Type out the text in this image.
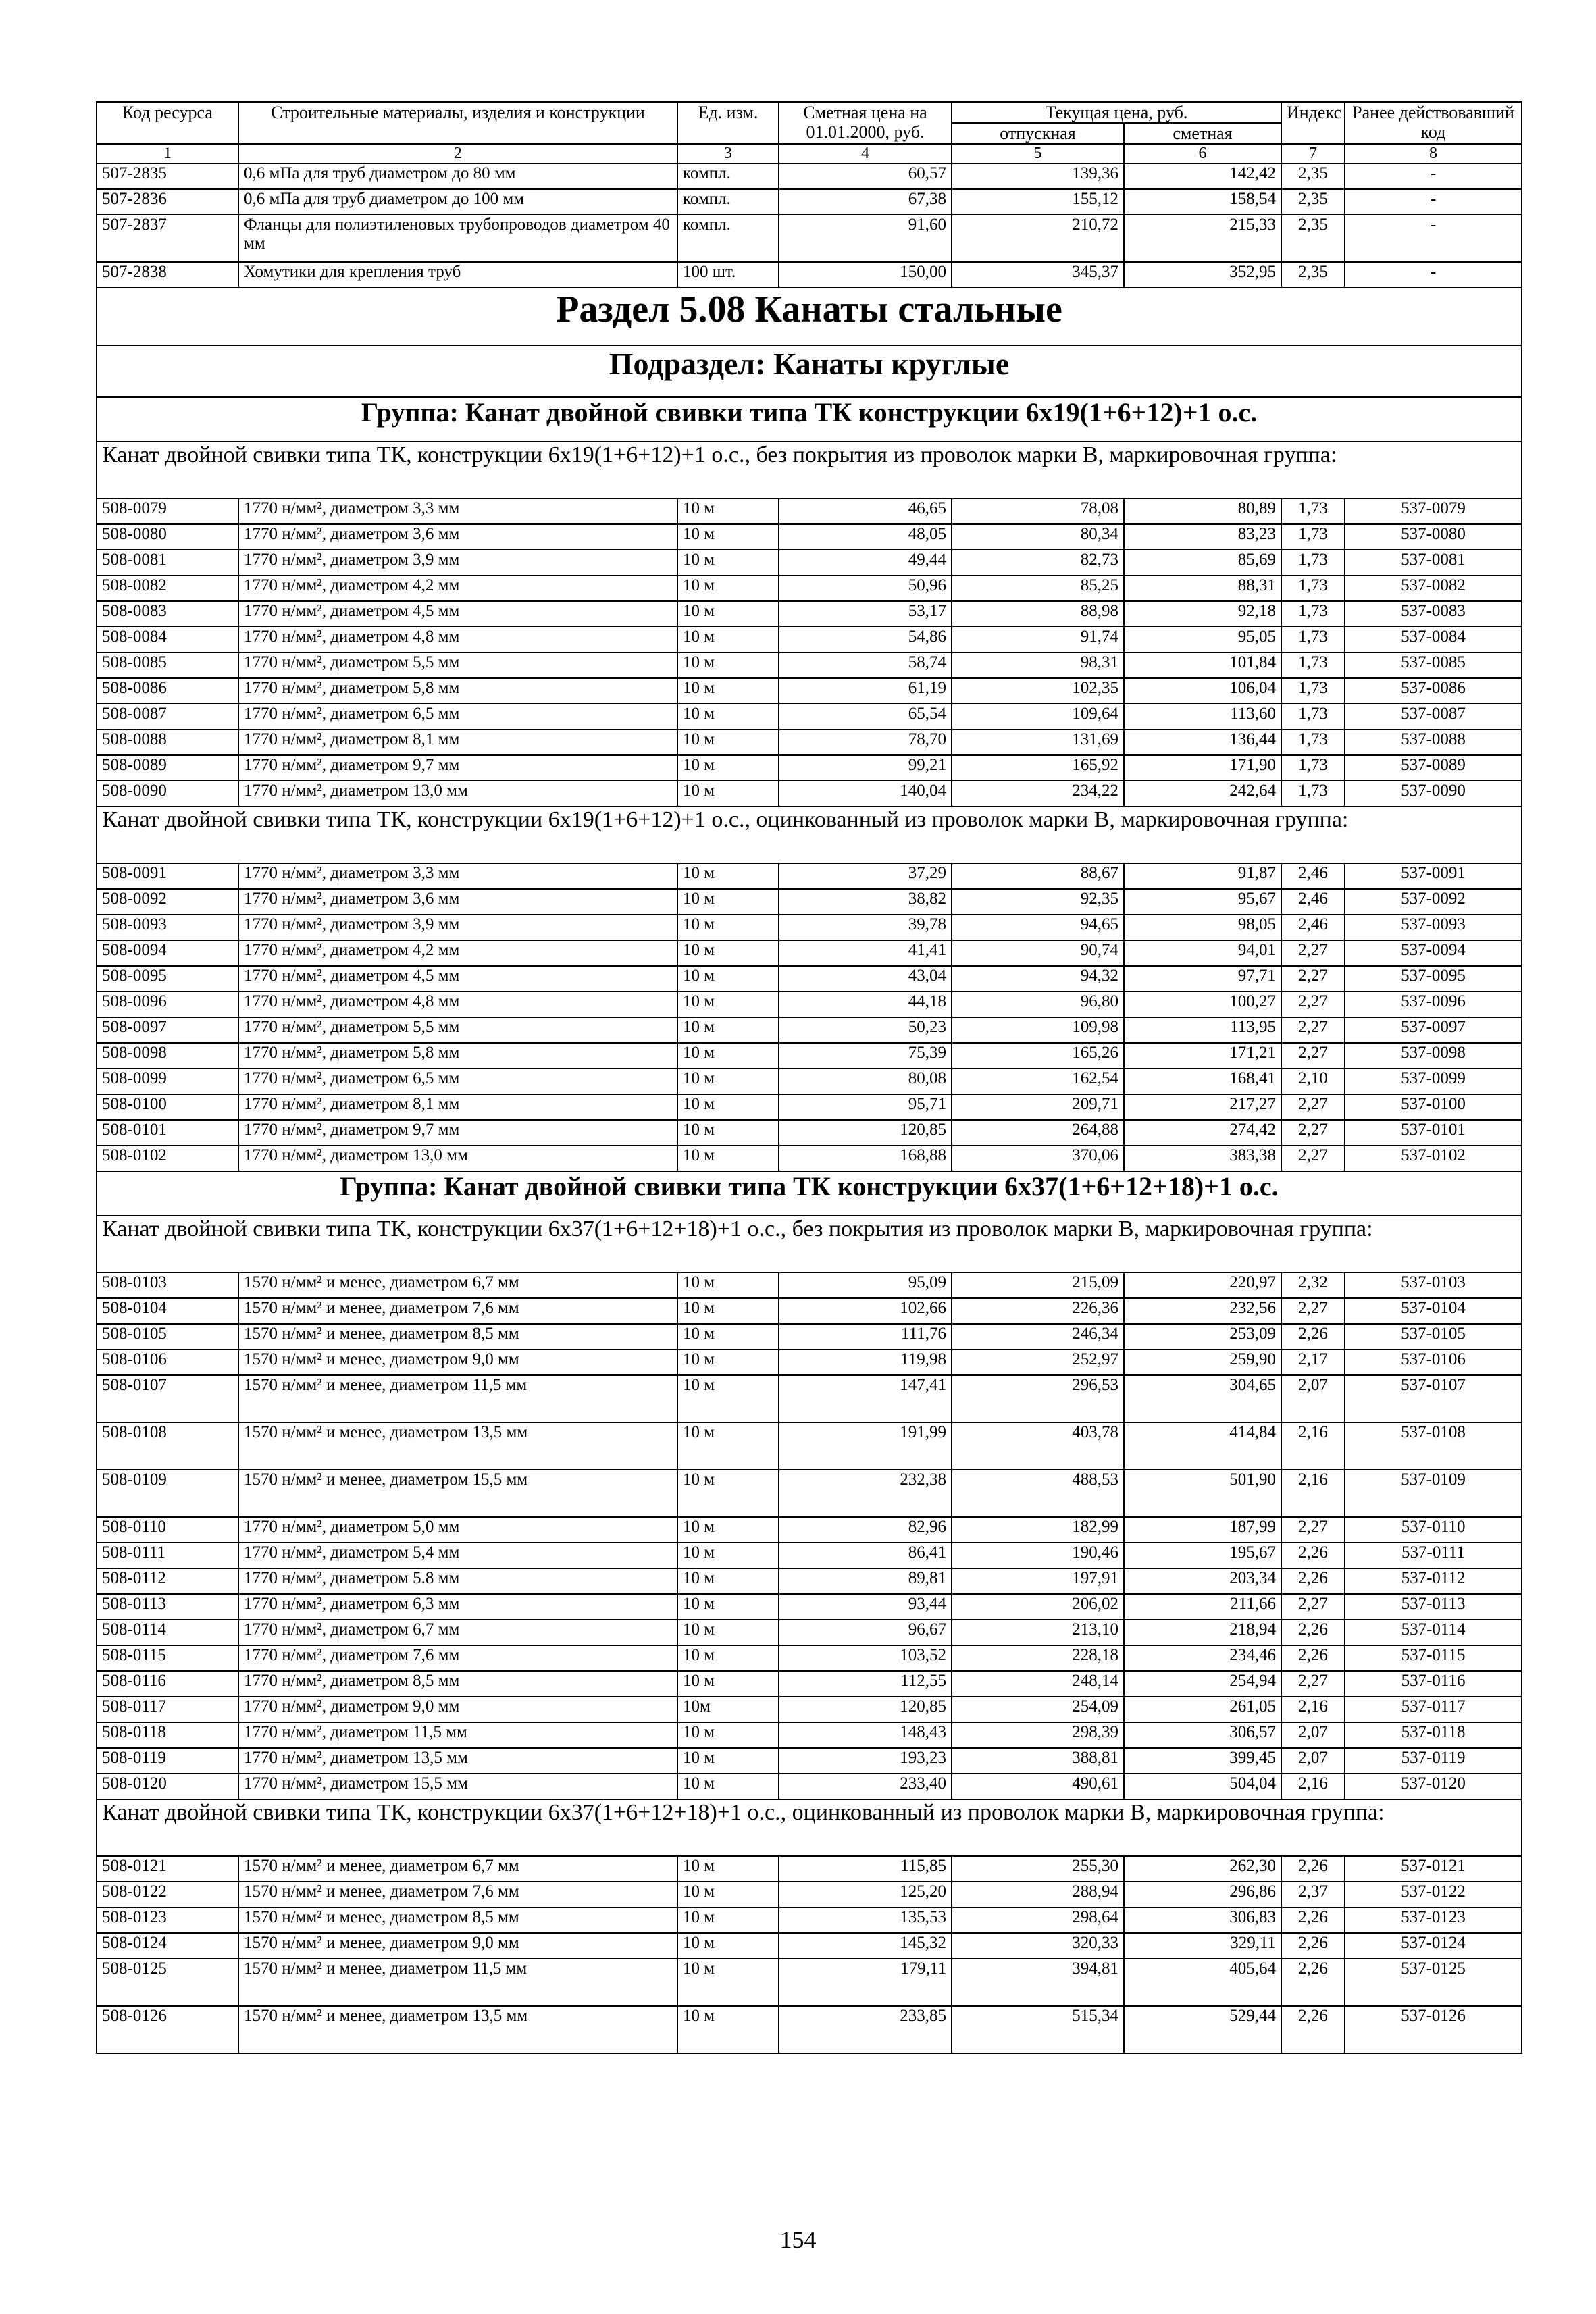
Код ресурса	Строительные материалы, изделия и конструкции	Ед. изм.	Сметная цена на 01.01.2000, руб.	Текущая цена, руб.		Индекс	Ранее действовавший код
				отпускная	сметная		
1	2	3	4	5	6	7	8
507-2835	0,6 мПа для труб диаметром до 80 мм	компл.	60,57	139,36	142,42	2,35	-
507-2836	0,6 мПа для труб диаметром до 100 мм	компл.	67,38	155,12	158,54	2,35	-
507-2837	Фланцы для полиэтиленовых трубопроводов диаметром 40 мм	компл.	91,60	210,72	215,33	2,35	-
507-2838	Хомутики для крепления труб	100 шт.	150,00	345,37	352,95	2,35	-
Раздел 5.08 Канаты стальные							
Подраздел: Канаты круглые							
Группа: Канат двойной свивки типа ТК конструкции 6х19(1+6+12)+1 о.с.							
Канат двойной свивки типа ТК, конструкции 6х19(1+6+12)+1 о.с., без покрытия из проволок марки В, маркировочная группа:							
508-0079	1770 н/мм², диаметром 3,3 мм	10 м	46,65	78,08	80,89	1,73	537-0079
508-0080	1770 н/мм², диаметром 3,6 мм	10 м	48,05	80,34	83,23	1,73	537-0080
508-0081	1770 н/мм², диаметром 3,9 мм	10 м	49,44	82,73	85,69	1,73	537-0081
508-0082	1770 н/мм², диаметром 4,2 мм	10 м	50,96	85,25	88,31	1,73	537-0082
508-0083	1770 н/мм², диаметром 4,5 мм	10 м	53,17	88,98	92,18	1,73	537-0083
508-0084	1770 н/мм², диаметром 4,8 мм	10 м	54,86	91,74	95,05	1,73	537-0084
508-0085	1770 н/мм², диаметром 5,5 мм	10 м	58,74	98,31	101,84	1,73	537-0085
508-0086	1770 н/мм², диаметром 5,8 мм	10 м	61,19	102,35	106,04	1,73	537-0086
508-0087	1770 н/мм², диаметром 6,5 мм	10 м	65,54	109,64	113,60	1,73	537-0087
508-0088	1770 н/мм², диаметром 8,1 мм	10 м	78,70	131,69	136,44	1,73	537-0088
508-0089	1770 н/мм², диаметром 9,7 мм	10 м	99,21	165,92	171,90	1,73	537-0089
508-0090	1770 н/мм², диаметром 13,0 мм	10 м	140,04	234,22	242,64	1,73	537-0090
Канат двойной свивки типа ТК, конструкции 6х19(1+6+12)+1 о.с., оцинкованный из проволок марки В, маркировочная группа:							
508-0091	1770 н/мм², диаметром 3,3 мм	10 м	37,29	88,67	91,87	2,46	537-0091
508-0092	1770 н/мм², диаметром 3,6 мм	10 м	38,82	92,35	95,67	2,46	537-0092
508-0093	1770 н/мм², диаметром 3,9 мм	10 м	39,78	94,65	98,05	2,46	537-0093
508-0094	1770 н/мм², диаметром 4,2 мм	10 м	41,41	90,74	94,01	2,27	537-0094
508-0095	1770 н/мм², диаметром 4,5 мм	10 м	43,04	94,32	97,71	2,27	537-0095
508-0096	1770 н/мм², диаметром 4,8 мм	10 м	44,18	96,80	100,27	2,27	537-0096
508-0097	1770 н/мм², диаметром 5,5 мм	10 м	50,23	109,98	113,95	2,27	537-0097
508-0098	1770 н/мм², диаметром 5,8 мм	10 м	75,39	165,26	171,21	2,27	537-0098
508-0099	1770 н/мм², диаметром 6,5 мм	10 м	80,08	162,54	168,41	2,10	537-0099
508-0100	1770 н/мм², диаметром 8,1 мм	10 м	95,71	209,71	217,27	2,27	537-0100
508-0101	1770 н/мм², диаметром 9,7 мм	10 м	120,85	264,88	274,42	2,27	537-0101
508-0102	1770 н/мм², диаметром 13,0 мм	10 м	168,88	370,06	383,38	2,27	537-0102
Группа: Канат двойной свивки типа ТК конструкции 6х37(1+6+12+18)+1 о.с.							
Канат двойной свивки типа ТК, конструкции 6х37(1+6+12+18)+1 о.с., без покрытия из проволок марки В, маркировочная группа:							
508-0103	1570 н/мм² и менее, диаметром 6,7 мм	10 м	95,09	215,09	220,97	2,32	537-0103
508-0104	1570 н/мм² и менее, диаметром 7,6 мм	10 м	102,66	226,36	232,56	2,27	537-0104
508-0105	1570 н/мм² и менее, диаметром 8,5 мм	10 м	111,76	246,34	253,09	2,26	537-0105
508-0106	1570 н/мм² и менее, диаметром 9,0 мм	10 м	119,98	252,97	259,90	2,17	537-0106
508-0107	1570 н/мм² и менее, диаметром 11,5 мм	10 м	147,41	296,53	304,65	2,07	537-0107
508-0108	1570 н/мм² и менее, диаметром 13,5 мм	10 м	191,99	403,78	414,84	2,16	537-0108
508-0109	1570 н/мм² и менее, диаметром 15,5 мм	10 м	232,38	488,53	501,90	2,16	537-0109
508-0110	1770 н/мм², диаметром 5,0 мм	10 м	82,96	182,99	187,99	2,27	537-0110
508-0111	1770 н/мм², диаметром 5,4 мм	10 м	86,41	190,46	195,67	2,26	537-0111
508-0112	1770 н/мм², диаметром 5.8 мм	10 м	89,81	197,91	203,34	2,26	537-0112
508-0113	1770 н/мм², диаметром 6,3 мм	10 м	93,44	206,02	211,66	2,27	537-0113
508-0114	1770 н/мм², диаметром 6,7 мм	10 м	96,67	213,10	218,94	2,26	537-0114
508-0115	1770 н/мм², диаметром 7,6 мм	10 м	103,52	228,18	234,46	2,26	537-0115
508-0116	1770 н/мм², диаметром 8,5 мм	10 м	112,55	248,14	254,94	2,27	537-0116
508-0117	1770 н/мм², диаметром 9,0 мм	10м	120,85	254,09	261,05	2,16	537-0117
508-0118	1770 н/мм², диаметром 11,5 мм	10 м	148,43	298,39	306,57	2,07	537-0118
508-0119	1770 н/мм², диаметром 13,5 мм	10 м	193,23	388,81	399,45	2,07	537-0119
508-0120	1770 н/мм², диаметром 15,5 мм	10 м	233,40	490,61	504,04	2,16	537-0120
Канат двойной свивки типа ТК, конструкции 6х37(1+6+12+18)+1 о.с., оцинкованный из проволок марки В, маркировочная группа:							
508-0121	1570 н/мм² и менее, диаметром 6,7 мм	10 м	115,85	255,30	262,30	2,26	537-0121
508-0122	1570 н/мм² и менее, диаметром 7,6 мм	10 м	125,20	288,94	296,86	2,37	537-0122
508-0123	1570 н/мм² и менее, диаметром 8,5 мм	10 м	135,53	298,64	306,83	2,26	537-0123
508-0124	1570 н/мм² и менее, диаметром 9,0 мм	10 м	145,32	320,33	329,11	2,26	537-0124
508-0125	1570 н/мм² и менее, диаметром 11,5 мм	10 м	179,11	394,81	405,64	2,26	537-0125
508-0126	1570 н/мм² и менее, диаметром 13,5 мм	10 м	233,85	515,34	529,44	2,26	537-0126
154
